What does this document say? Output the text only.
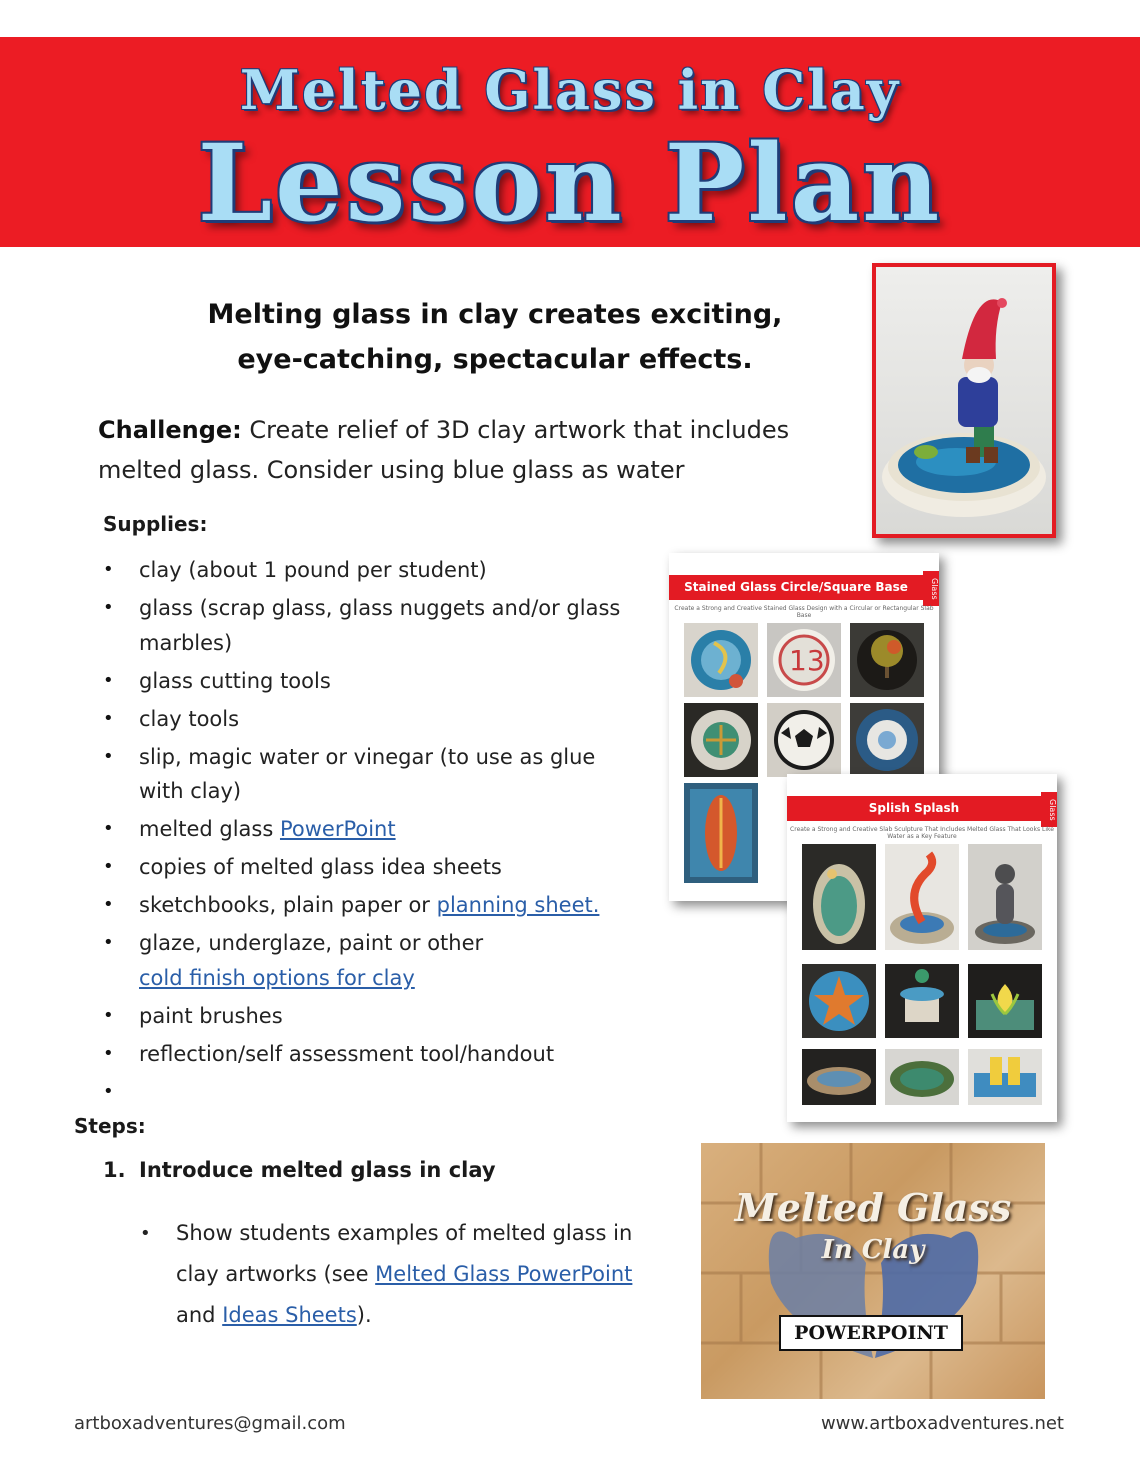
Melted Glass in Clay
Lesson Plan
Melting glass in clay creates exciting,
eye-catching, spectacular effects.
Challenge: Create relief of 3D clay artwork that includes melted glass. Consider using blue glass as water
Supplies:
• clay (about 1 pound per student)
• glass (scrap glass, glass nuggets and/or glass marbles)
• glass cutting tools
• clay tools
• slip, magic water or vinegar (to use as glue with clay)
• melted glass PowerPoint
• copies of melted glass idea sheets
• sketchbooks, plain paper or planning sheet.
• glaze, underglaze, paint or other
cold finish options for clay
• paint brushes
• reflection/self assessment tool/handout
•
Steps:
1. Introduce melted glass in clay
• Show students examples of melted glass in clay artworks (see Melted Glass PowerPoint and Ideas Sheets).
Stained Glass Circle/Square Base	Glass
Create a Strong and Creative Stained Glass Design with a Circular or Rectangular Slab Base
13
Splish Splash	Glass
Create a Strong and Creative Slab Sculpture That Includes Melted Glass That Looks Like Water as a Key Feature
Melted Glass
In Clay
POWERPOINT
artboxadventures@gmail.com	www.artboxadventures.net
